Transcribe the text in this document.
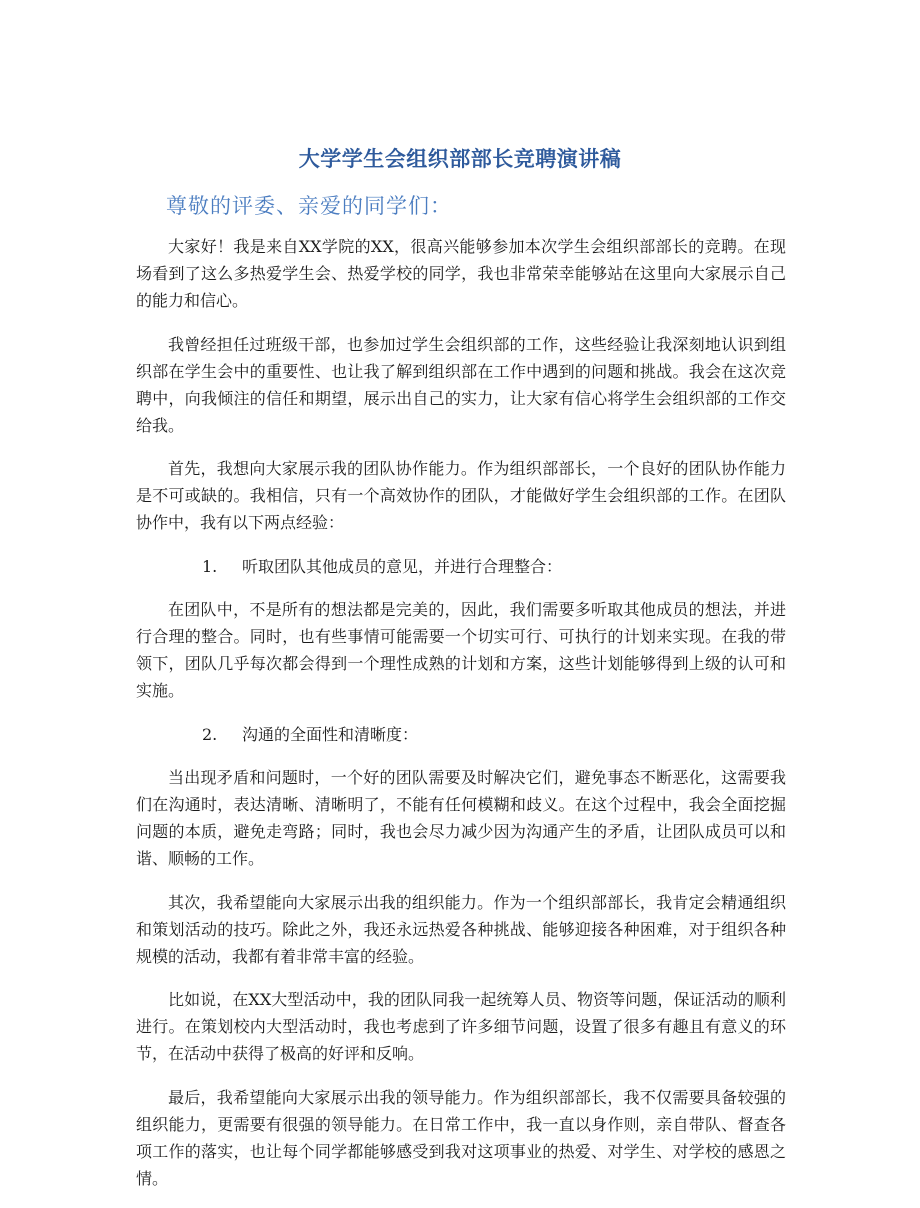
大学学生会组织部部长竞聘演讲稿
尊敬的评委、亲爱的同学们：

大家好！我是来自XX学院的XX，很高兴能够参加本次学生会组织部部长的竞聘。在现场看到了这么多热爱学生会、热爱学校的同学，我也非常荣幸能够站在这里向大家展示自己的能力和信心。

我曾经担任过班级干部，也参加过学生会组织部的工作，这些经验让我深刻地认识到组织部在学生会中的重要性、也让我了解到组织部在工作中遇到的问题和挑战。我会在这次竞聘中，向我倾注的信任和期望，展示出自己的实力，让大家有信心将学生会组织部的工作交给我。

首先，我想向大家展示我的团队协作能力。作为组织部部长，一个良好的团队协作能力是不可或缺的。我相信，只有一个高效协作的团队，才能做好学生会组织部的工作。在团队协作中，我有以下两点经验：

1.	听取团队其他成员的意见，并进行合理整合：

在团队中，不是所有的想法都是完美的，因此，我们需要多听取其他成员的想法，并进行合理的整合。同时，也有些事情可能需要一个切实可行、可执行的计划来实现。在我的带领下，团队几乎每次都会得到一个理性成熟的计划和方案，这些计划能够得到上级的认可和实施。

2.	沟通的全面性和清晰度：

当出现矛盾和问题时，一个好的团队需要及时解决它们，避免事态不断恶化，这需要我们在沟通时，表达清晰、清晰明了，不能有任何模糊和歧义。在这个过程中，我会全面挖掘问题的本质，避免走弯路；同时，我也会尽力减少因为沟通产生的矛盾，让团队成员可以和谐、顺畅的工作。

其次，我希望能向大家展示出我的组织能力。作为一个组织部部长，我肯定会精通组织和策划活动的技巧。除此之外，我还永远热爱各种挑战、能够迎接各种困难，对于组织各种规模的活动，我都有着非常丰富的经验。

比如说，在XX大型活动中，我的团队同我一起统筹人员、物资等问题，保证活动的顺利进行。在策划校内大型活动时，我也考虑到了许多细节问题，设置了很多有趣且有意义的环节，在活动中获得了极高的好评和反响。

最后，我希望能向大家展示出我的领导能力。作为组织部部长，我不仅需要具备较强的组织能力，更需要有很强的领导能力。在日常工作中，我一直以身作则，亲自带队、督查各项工作的落实，也让每个同学都能够感受到我对这项事业的热爱、对学生、对学校的感恩之情。
